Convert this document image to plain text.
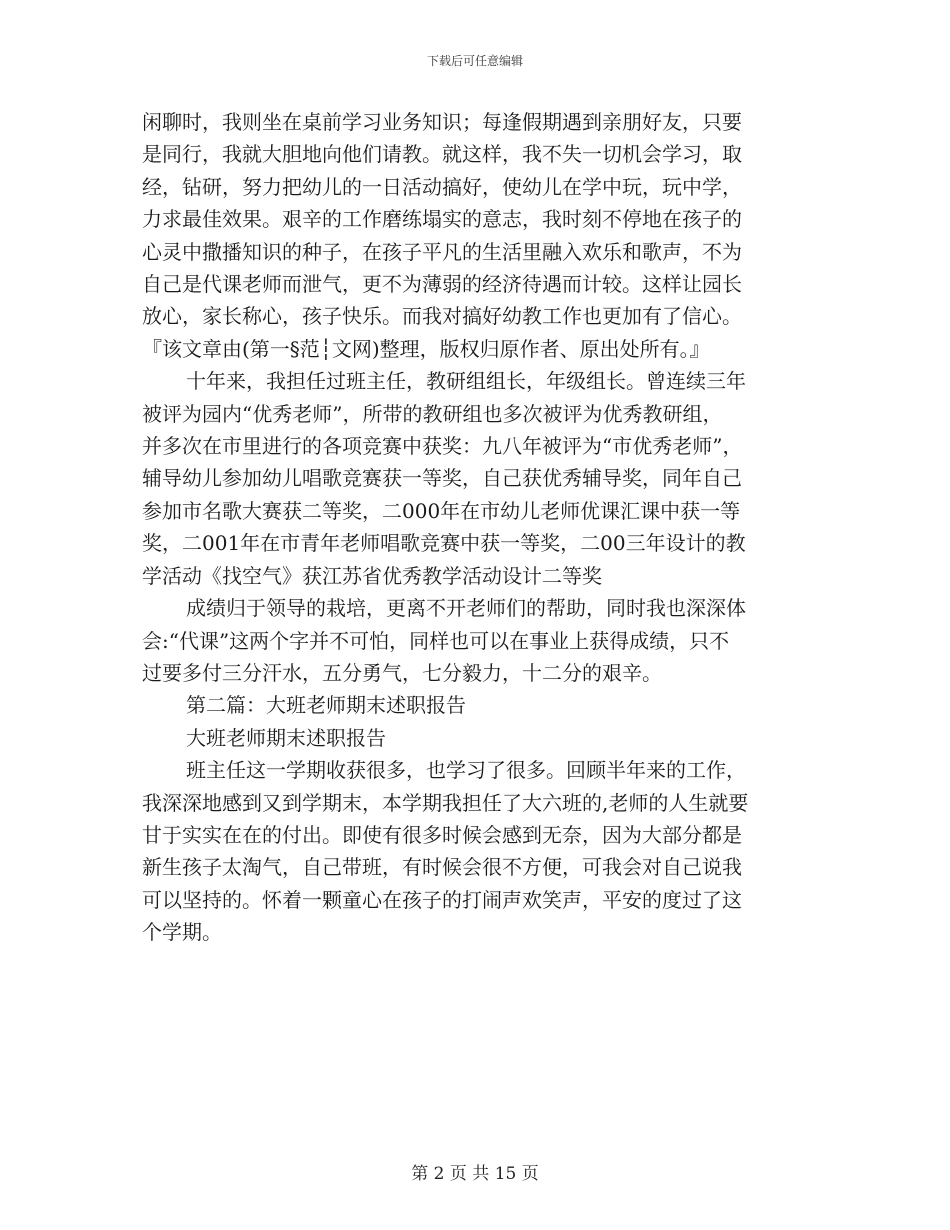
下载后可任意编辑
闲聊时，我则坐在桌前学习业务知识；每逢假期遇到亲朋好友，只要
是同行，我就大胆地向他们请教。就这样，我不失一切机会学习，取
经，钻研，努力把幼儿的一日活动搞好，使幼儿在学中玩，玩中学，
力求最佳效果。艰辛的工作磨练塌实的意志，我时刻不停地在孩子的
心灵中撒播知识的种子，在孩子平凡的生活里融入欢乐和歌声，不为
自己是代课老师而泄气，更不为薄弱的经济待遇而计较。这样让园长
放心，家长称心，孩子快乐。而我对搞好幼教工作也更加有了信心。
『该文章由(第一§范┆文网)整理，版权归原作者、原出处所有。』
十年来，我担任过班主任，教研组组长，年级组长。曾连续三年
被评为园内“优秀老师”，所带的教研组也多次被评为优秀教研组，
并多次在市里进行的各项竞赛中获奖：九八年被评为“市优秀老师”，
辅导幼儿参加幼儿唱歌竞赛获一等奖，自己获优秀辅导奖，同年自己
参加市名歌大赛获二等奖，二000年在市幼儿老师优课汇课中获一等
奖，二001年在市青年老师唱歌竞赛中获一等奖，二00三年设计的教
学活动《找空气》获江苏省优秀教学活动设计二等奖
成绩归于领导的栽培，更离不开老师们的帮助，同时我也深深体
会:“代课”这两个字并不可怕，同样也可以在事业上获得成绩，只不
过要多付三分汗水，五分勇气，七分毅力，十二分的艰辛。
第二篇：大班老师期末述职报告
大班老师期末述职报告
班主任这一学期收获很多，也学习了很多。回顾半年来的工作，
我深深地感到又到学期末，本学期我担任了大六班的,老师的人生就要
甘于实实在在的付出。即使有很多时候会感到无奈，因为大部分都是
新生孩子太淘气，自己带班，有时候会很不方便，可我会对自己说我
可以坚持的。怀着一颗童心在孩子的打闹声欢笑声，平安的度过了这
个学期。
第 2 页 共 15 页
